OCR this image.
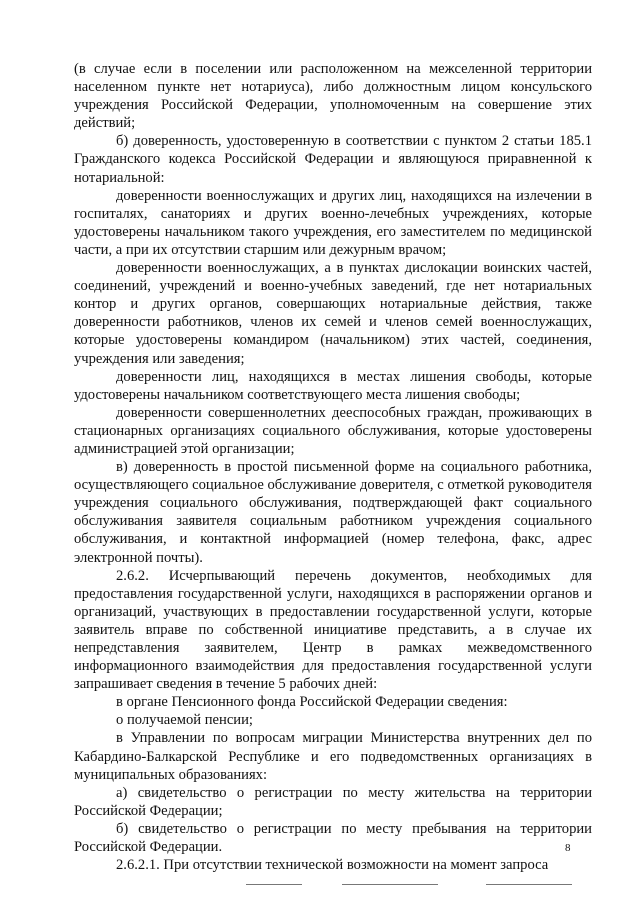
(в случае если в поселении или расположенном на межселенной территории населенном пункте нет нотариуса), либо должностным лицом консульского учреждения Российской Федерации, уполномоченным на совершение этих действий;

б) доверенность, удостоверенную в соответствии с пунктом 2 статьи 185.1 Гражданского кодекса Российской Федерации и являющуюся приравненной к нотариальной:

доверенности военнослужащих и других лиц, находящихся на излечении в госпиталях, санаториях и других военно-лечебных учреждениях, которые удостоверены начальником такого учреждения, его заместителем по медицинской части, а при их отсутствии старшим или дежурным врачом;

доверенности военнослужащих, а в пунктах дислокации воинских частей, соединений, учреждений и военно-учебных заведений, где нет нотариальных контор и других органов, совершающих нотариальные действия, также доверенности работников, членов их семей и членов семей военнослужащих, которые удостоверены командиром (начальником) этих частей, соединения, учреждения или заведения;

доверенности лиц, находящихся в местах лишения свободы, которые удостоверены начальником соответствующего места лишения свободы;

доверенности совершеннолетних дееспособных граждан, проживающих в стационарных организациях социального обслуживания, которые удостоверены администрацией этой организации;

в) доверенность в простой письменной форме на социального работника, осуществляющего социальное обслуживание доверителя, с отметкой руководителя учреждения социального обслуживания, подтверждающей факт социального обслуживания заявителя социальным работником учреждения социального обслуживания, и контактной информацией (номер телефона, факс, адрес электронной почты).

2.6.2. Исчерпывающий перечень документов, необходимых для предоставления государственной услуги, находящихся в распоряжении органов и организаций, участвующих в предоставлении государственной услуги, которые заявитель вправе по собственной инициативе представить, а в случае их непредставления заявителем, Центр в рамках межведомственного информационного взаимодействия для предоставления государственной услуги запрашивает сведения в течение 5 рабочих дней:

в органе Пенсионного фонда Российской Федерации сведения:

о получаемой пенсии;

в Управлении по вопросам миграции Министерства внутренних дел по Кабардино-Балкарской Республике и его подведомственных организациях в муниципальных образованиях:

а) свидетельство о регистрации по месту жительства на территории Российской Федерации;

б) свидетельство о регистрации по месту пребывания на территории Российской Федерации.

2.6.2.1. При отсутствии технической возможности на момент запроса

8
